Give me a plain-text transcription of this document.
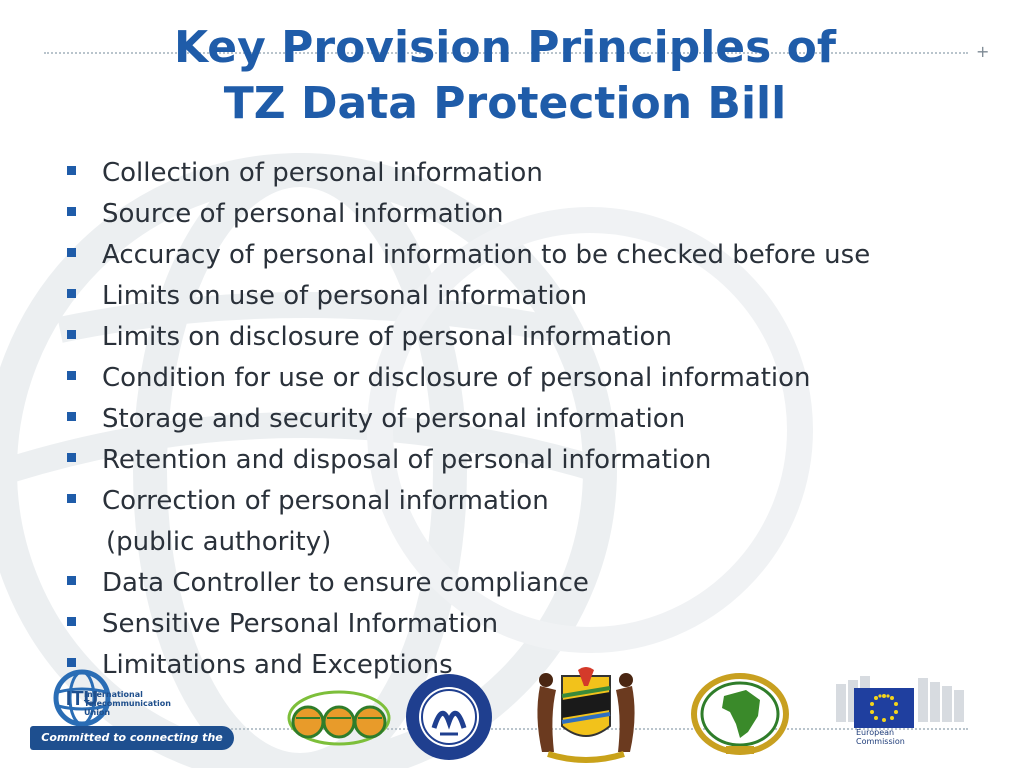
+
Key Provision Principles of
TZ Data Protection Bill
Collection of personal information
Source of personal information
Accuracy of personal information to be checked before use
Limits on use of personal information
Limits on disclosure of personal information
Condition for use or disclosure of personal information
Storage and security of personal information
Retention and disposal of personal information
Correction of personal information
(public authority)
Data Controller to ensure compliance
Sensitive Personal Information
Limitations and Exceptions
ITU
International
Telecommunication
Union
Committed to connecting the world
European
Commission
